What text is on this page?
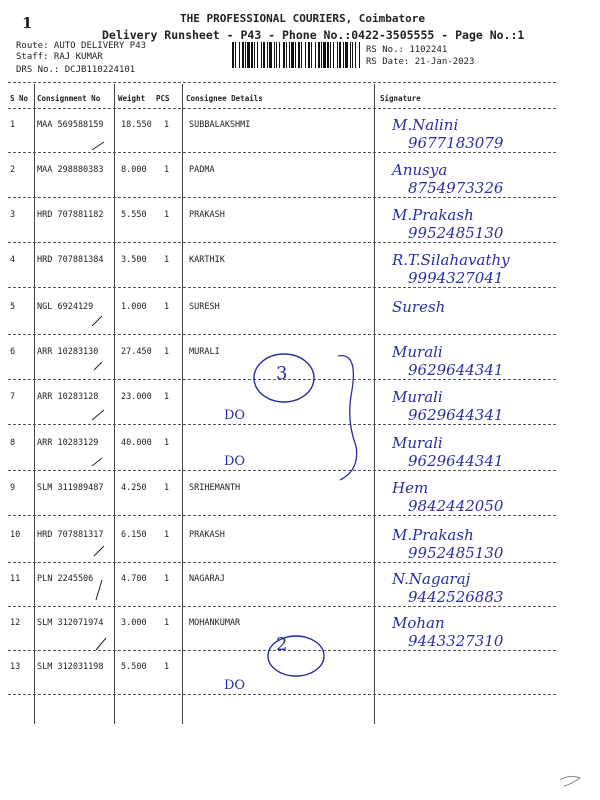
1	THE PROFESSIONAL COURIERS, Coimbatore
Delivery Runsheet - P43 - Phone No.:0422-3505555 - Page No.:1
Route: AUTO DELIVERY P43
Staff: RAJ KUMAR
DRS No.: DCJB110224101
RS No.: 1102241
RS Date: 21-Jan-2023
S No Consignment No Weight PCS Consignee Details	Signature
1	MAA 569588159 18.550 1 SUBBALAKSHMI	M.Nalini
9677183079
2	MAA 298880383 8.000 1 PADMA	Anusya
8754973326
3	HRD 707881182 5.550 1 PRAKASH	M.Prakash
9952485130
4	HRD 707881384 3.500 1 KARTHIK	R.T.Silahavathy
9994327041
5	NGL 6924129	1.000 1 SURESH	Suresh
6	ARR 10283130	27.450 1 MURALI	Murali
9629644341
3
7	ARR 10283128	23.000 1	Murali
9629644341
DO
8	ARR 10283129	40.000 1	Murali
9629644341
DO
9	SLM 311989487 4.250 1 SRIHEMANTH	Hem
9842442050
10 HRD 707881317 6.150 1 PRAKASH	M.Prakash
9952485130
11 PLN 2245506	4.700 1 NAGARAJ	N.Nagaraj
9442526883
12 SLM 312071974 3.000 1 MOHANKUMAR	Mohan
9443327310
2
13 SLM 312031198 5.500 1
DO
